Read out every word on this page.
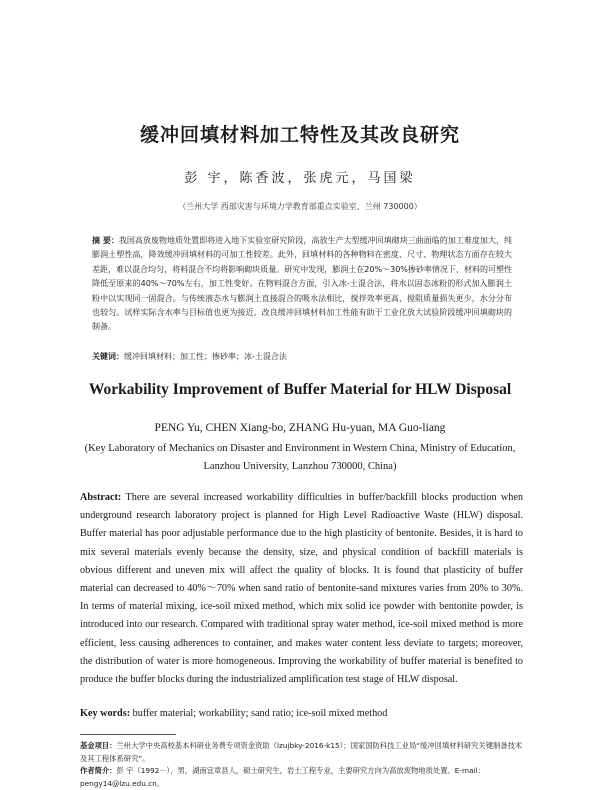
缓冲回填材料加工特性及其改良研究
彭 宇，陈香波，张虎元，马国梁
（兰州大学 西部灾害与环境力学教育部重点实验室，兰州 730000）
摘 要：我国高放废物地质处置即将进入地下实验室研究阶段，高放生产大型缓冲回填砌块三曲面临的加工难度加大，纯膨润土塑性高，降效缓冲回填材料的可加工性较差。此外，回填材料的各种物料在密度、尺寸、物理状态方面存在较大差距，难以混合均匀，将料混合不均将影响砌块质量。研究中发现，膨润土在20%～30%掺砂率情况下，材料的可塑性降低至原来的40%～70%左右，加工性变好。在物料混合方面，引入冰-土混合法，将水以固态冰粉的形式加入膨润土粉中以实现同一固混合。与传统液态水与膨润土直接混合的吸水法相比，搅拌效率更高，搅阻质量损失更少，水分分布也较匀。试样实际含水率与目标值也更为接近。改良缓冲回填材料加工性能有助于工业化放大试验阶段缓冲回填砌块的制备。
关键词：缓冲回填材料；加工性；掺砂率；冰-土混合法
Workability Improvement of Buffer Material for HLW Disposal
PENG Yu, CHEN Xiang-bo, ZHANG Hu-yuan, MA Guo-liang
(Key Laboratory of Mechanics on Disaster and Environment in Western China, Ministry of Education, Lanzhou University, Lanzhou 730000, China)
Abstract: There are several increased workability difficulties in buffer/backfill blocks production when underground research laboratory project is planned for High Level Radioactive Waste (HLW) disposal. Buffer material has poor adjustable performance due to the high plasticity of bentonite. Besides, it is hard to mix several materials evenly because the density, size, and physical condition of backfill materials is obvious different and uneven mix will affect the quality of blocks. It is found that plasticity of buffer material can decreased to 40%～70% when sand ratio of bentonite-sand mixtures varies from 20% to 30%. In terms of material mixing, ice-soil mixed method, which mix solid ice powder with bentonite powder, is introduced into our research. Compared with traditional spray water method, ice-soil mixed method is more efficient, less causing adherences to container, and makes water content less deviate to targets; moreover, the distribution of water is more homogeneous. Improving the workability of buffer material is benefited to produce the buffer blocks during the industrialized amplification test stage of HLW disposal.
Key words: buffer material; workability; sand ratio; ice-soil mixed method
基金项目：兰州大学中央高校基本科研业务费专项资金资助（lzujbky-2016-k15）；国家国防科技工业局“缓冲回填材料研究关键制备技术及其工程体系研究”。
作者简介：彭 宇（1992－），男，湖南宜章县人，硕士研究生，岩土工程专业，主要研究方向为高放废物地质处置。E-mail：pengy14@lzu.edu.cn。
